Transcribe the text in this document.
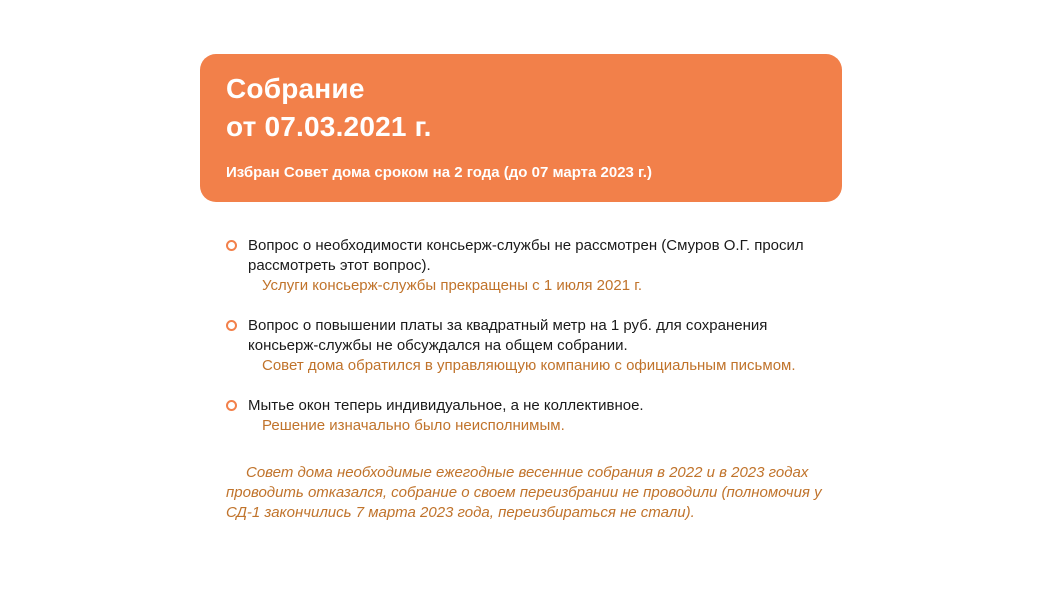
Собрание
от 07.03.2021 г.
Избран Совет дома сроком на 2 года (до 07 марта 2023 г.)
Вопрос о необходимости консьерж-службы не рассмотрен (Смуров О.Г. просил рассмотреть этот вопрос).
Услуги консьерж-службы прекращены с 1 июля 2021 г.
Вопрос о повышении платы за квадратный метр на 1 руб. для сохранения консьерж-службы не обсуждался на общем собрании.
Совет дома обратился в управляющую компанию с официальным письмом.
Мытье окон теперь индивидуальное, а не коллективное.
Решение изначально было неисполнимым.
Совет дома необходимые ежегодные весенние собрания в 2022 и в 2023 годах проводить отказался, собрание о своем переизбрании не проводили (полномочия у СД-1 закончились 7 марта 2023 года, переизбираться не стали).
